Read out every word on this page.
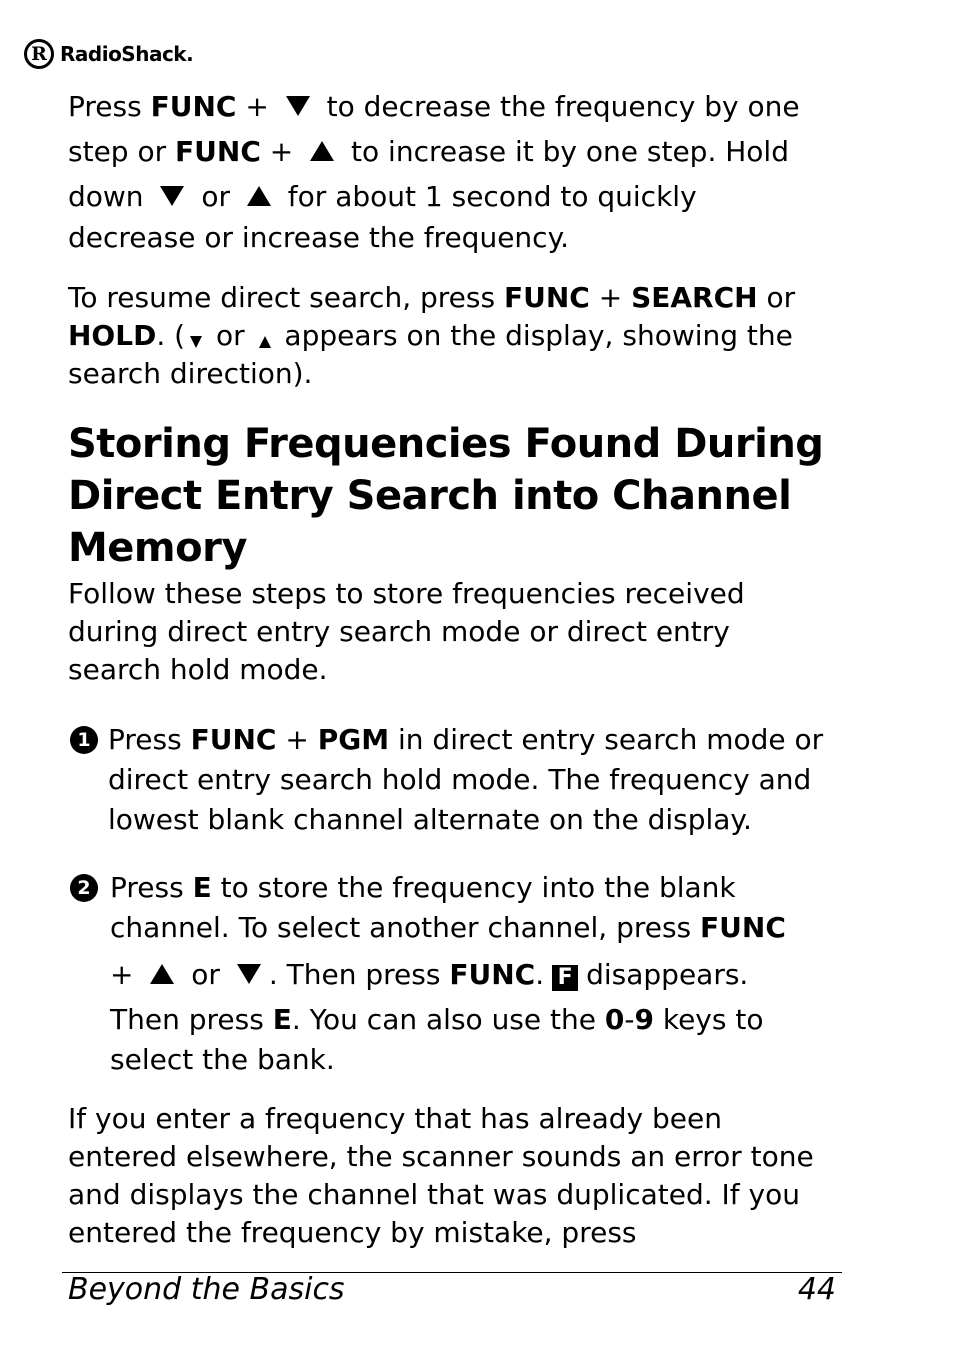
R RadioShack.
Press FUNC +  to decrease the frequency by one
step or FUNC +  to increase it by one step. Hold
down  or  for about 1 second to quickly
decrease or increase the frequency.
To resume direct search, press FUNC + SEARCH or
HOLD. ( or  appears on the display, showing the
search direction).
Storing Frequencies Found During Direct Entry Search into Channel Memory
Follow these steps to store frequencies received during direct entry search mode or direct entry search hold mode.
1 Press FUNC + PGM in direct entry search mode or direct entry search hold mode. The frequency and lowest blank channel alternate on the display.
2 Press E to store the frequency into the blank channel. To select another channel, press FUNC
+  or . Then press FUNC. F disappears.
Then press E. You can also use the 0-9 keys to select the bank.
If you enter a frequency that has already been entered elsewhere, the scanner sounds an error tone and displays the channel that was duplicated. If you entered the frequency by mistake, press
Beyond the Basics	44
